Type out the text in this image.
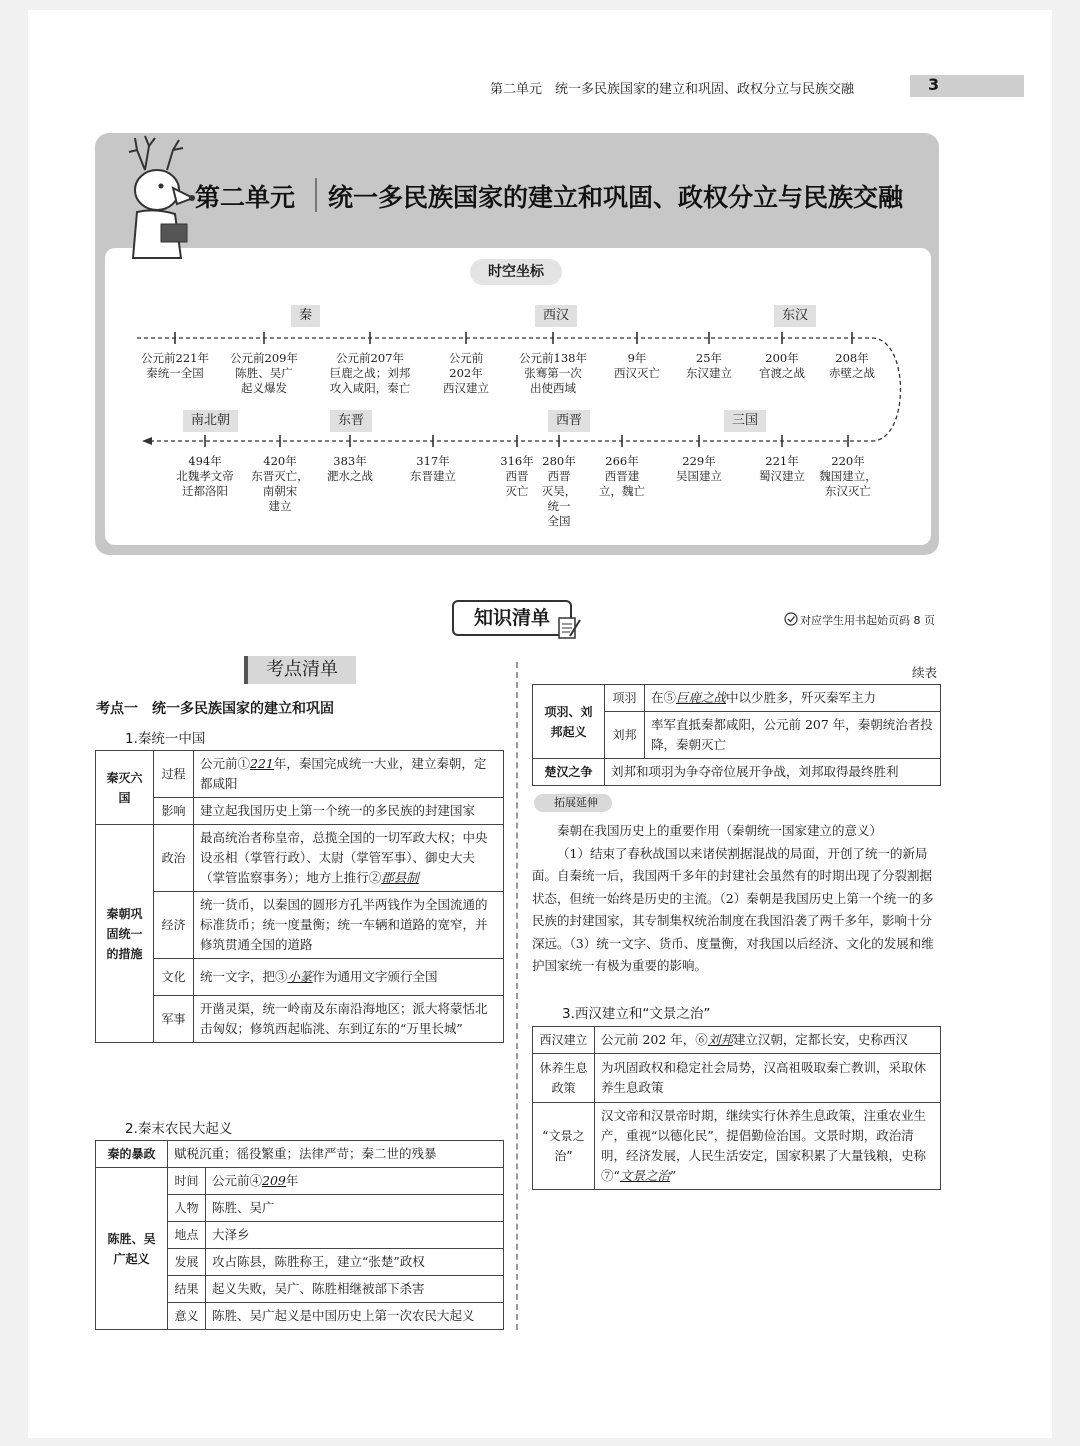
第二单元　统一多民族国家的建立和巩固、政权分立与民族交融	3
第二单元 统一多民族国家的建立和巩固、政权分立与民族交融
时空坐标
秦	西汉	东汉
南北朝	东晋	西晋	三国
公元前221年
秦统一全国
公元前209年
陈胜、吴广
起义爆发
公元前207年
巨鹿之战；刘邦
攻入咸阳，秦亡
公元前
202年
西汉建立
公元前138年
张骞第一次
出使西域
9年
西汉灭亡
25年
东汉建立
200年
官渡之战
208年
赤壁之战
494年
北魏孝文帝
迁都洛阳
420年
东晋灭亡，
南朝宋
建立
383年
淝水之战
317年
东晋建立
316年
西晋
灭亡
280年
西晋
灭吴，
统一
全国
266年
西晋建
立，魏亡
229年
吴国建立
221年
蜀汉建立
220年
魏国建立，
东汉灭亡
知识清单	对应学生用书起始页码 8 页
考点清单
考点一　统一多民族国家的建立和巩固
1.秦统一中国
秦灭六国	过程	公元前①221年，秦国完成统一大业，建立秦朝，定都咸阳
	影响	建立起我国历史上第一个统一的多民族的封建国家
秦朝巩固统一的措施	政治	最高统治者称皇帝，总揽全国的一切军政大权；中央设丞相（掌管行政）、太尉（掌管军事）、御史大夫（掌管监察事务）；地方上推行②郡县制
	经济	统一货币，以秦国的圆形方孔半两钱作为全国流通的标准货币；统一度量衡；统一车辆和道路的宽窄，并修筑贯通全国的道路
	文化	统一文字，把③小篆作为通用文字颁行全国
	军事	开凿灵渠，统一岭南及东南沿海地区；派大将蒙恬北击匈奴；修筑西起临洮、东到辽东的“万里长城”
2.秦末农民大起义
秦的暴政	赋税沉重；徭役繁重；法律严苛；秦二世的残暴	
陈胜、吴广起义	时间	公元前④209年
	人物	陈胜、吴广
	地点	大泽乡
	发展	攻占陈县，陈胜称王，建立“张楚”政权
	结果	起义失败，吴广、陈胜相继被部下杀害
	意义	陈胜、吴广起义是中国历史上第一次农民大起义
续表
项羽、刘邦起义	项羽	在⑤巨鹿之战中以少胜多，歼灭秦军主力
	刘邦	率军直抵秦都咸阳，公元前 207 年，秦朝统治者投降，秦朝灭亡
楚汉之争	刘邦和项羽为争夺帝位展开争战，刘邦取得最终胜利	
拓展延伸
秦朝在我国历史上的重要作用（秦朝统一国家建立的意义）
（1）结束了春秋战国以来诸侯割据混战的局面，开创了统一的新局面。自秦统一后，我国两千多年的封建社会虽然有的时期出现了分裂割据状态，但统一始终是历史的主流。（2）秦朝是我国历史上第一个统一的多民族的封建国家，其专制集权统治制度在我国沿袭了两千多年，影响十分深远。（3）统一文字、货币、度量衡，对我国以后经济、文化的发展和维护国家统一有极为重要的影响。
3.西汉建立和“文景之治”
西汉建立	公元前 202 年，⑥刘邦建立汉朝，定都长安，史称西汉
休养生息政策	为巩固政权和稳定社会局势，汉高祖吸取秦亡教训，采取休养生息政策
“文景之治”	汉文帝和汉景帝时期，继续实行休养生息政策，注重农业生产，重视“以德化民”，提倡勤俭治国。文景时期，政治清明，经济发展，人民生活安定，国家积累了大量钱粮，史称⑦“文景之治”
